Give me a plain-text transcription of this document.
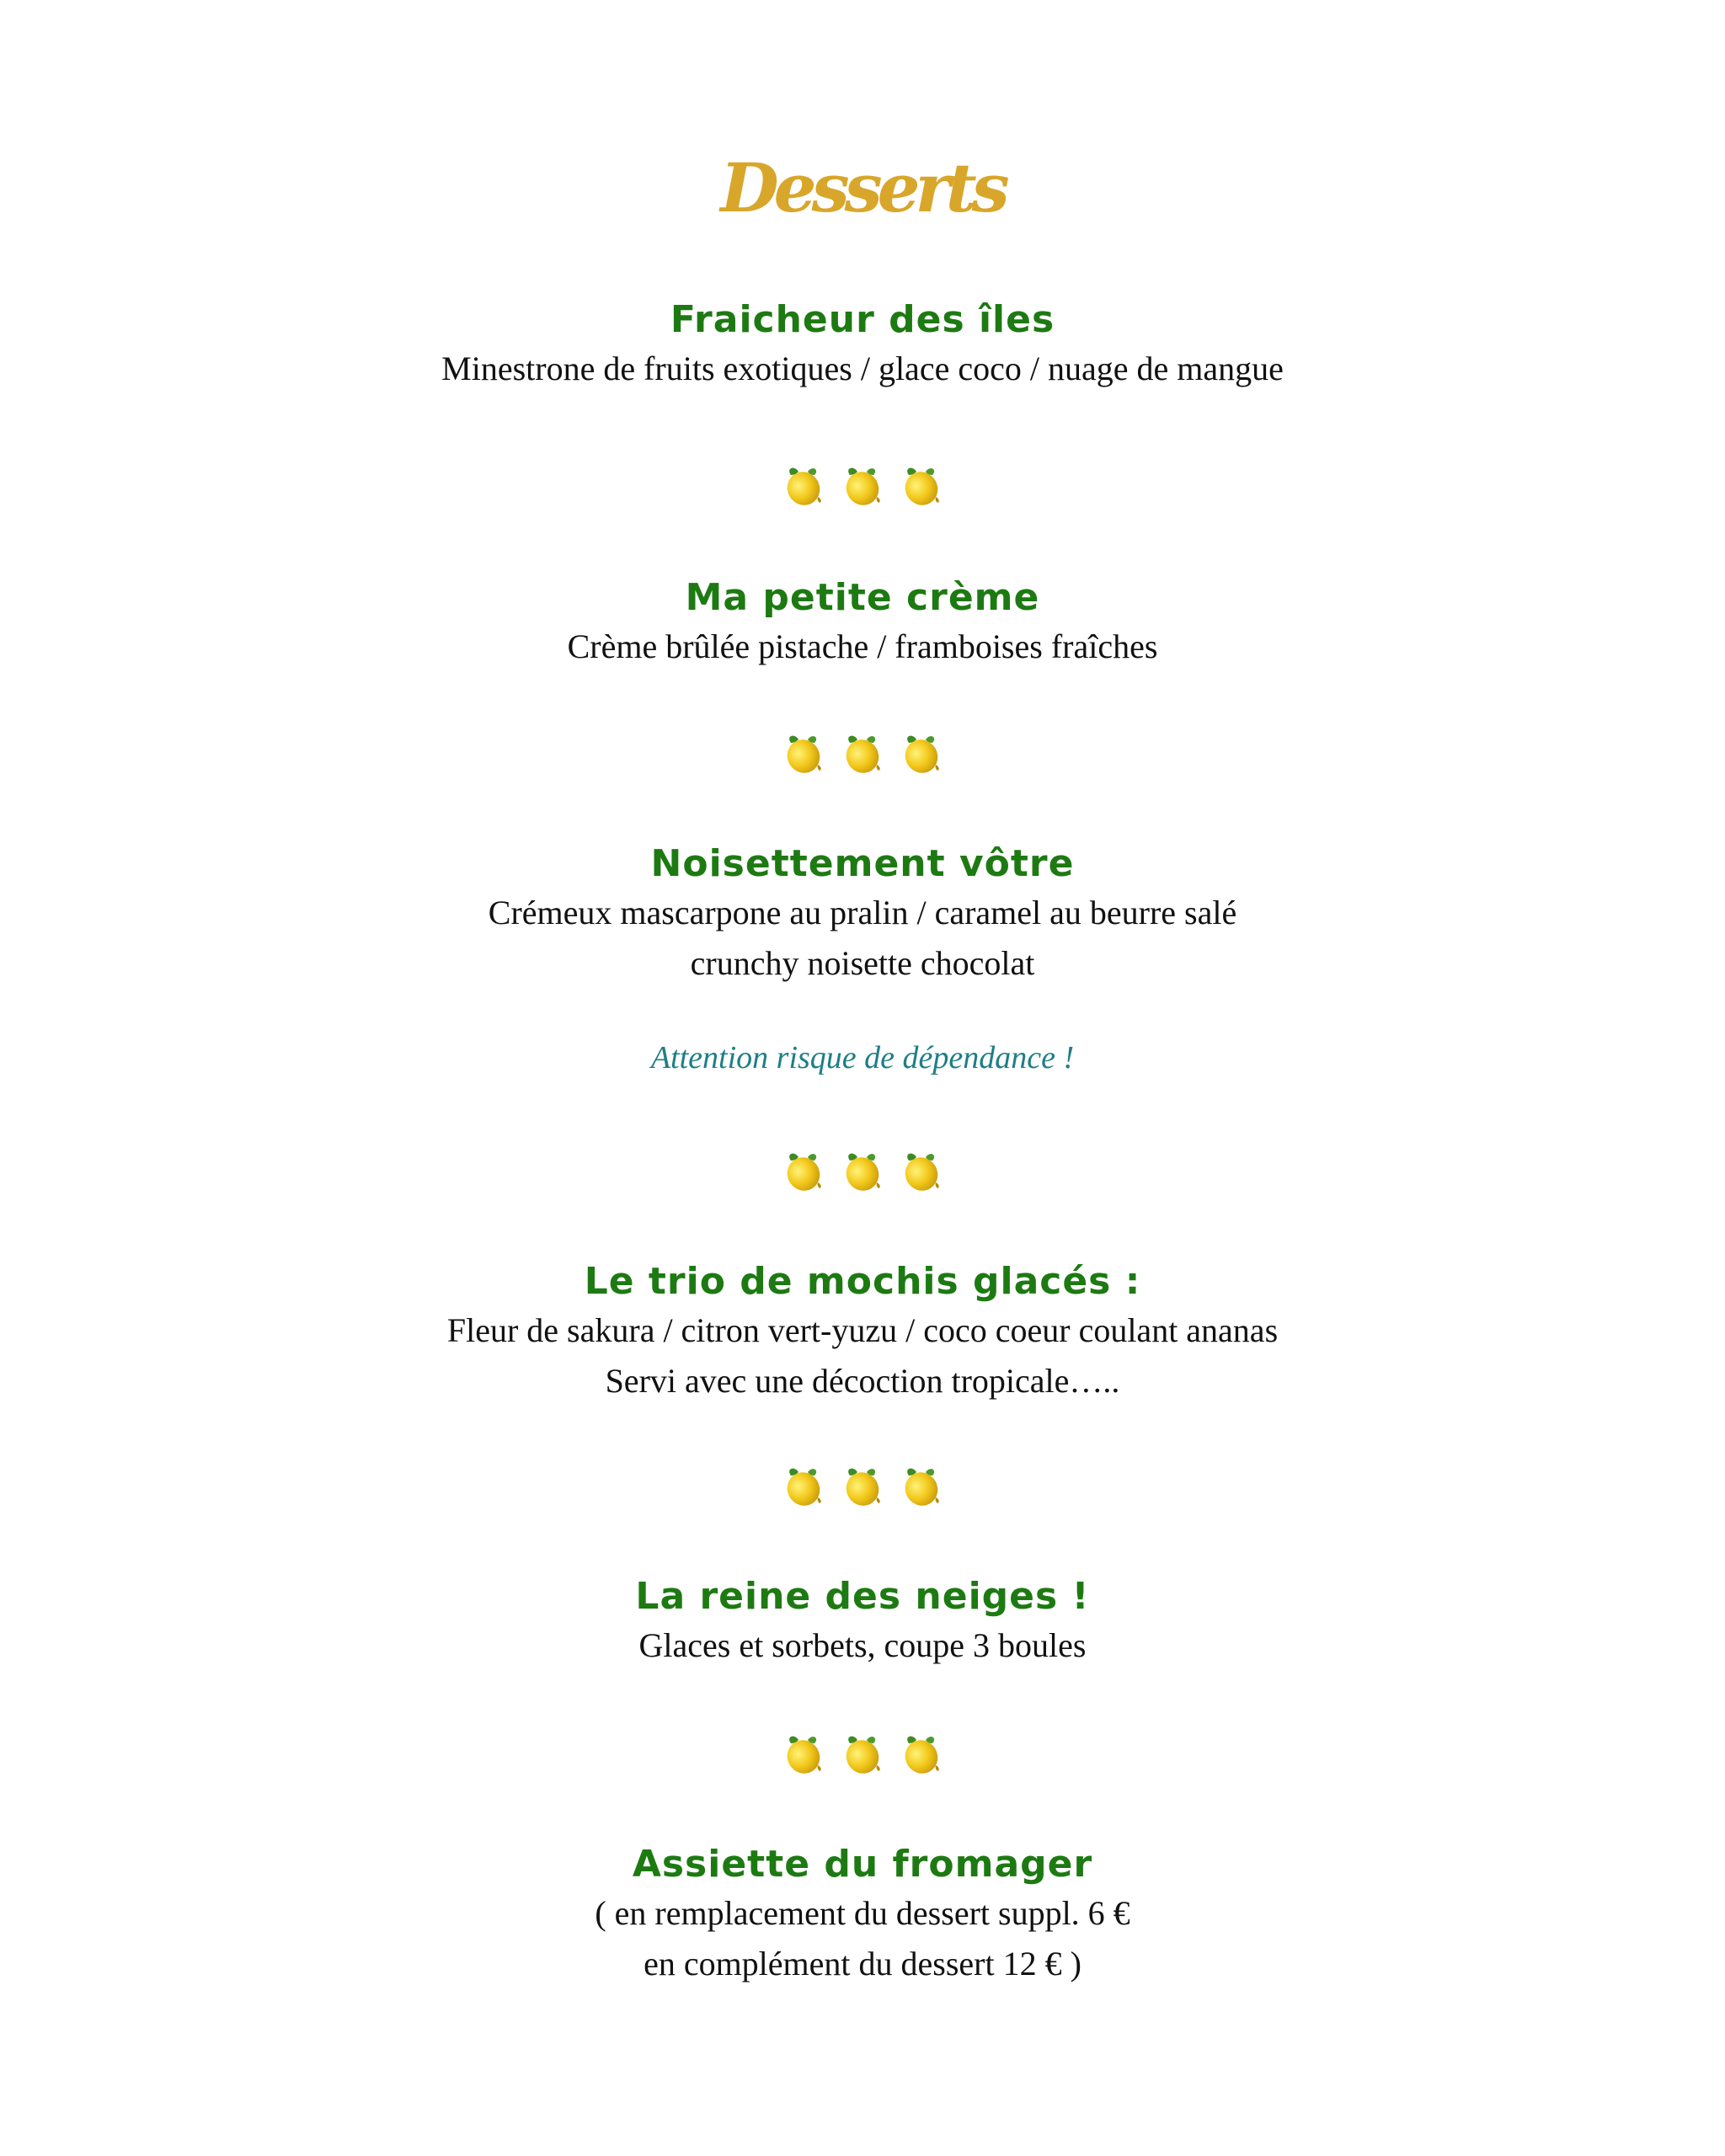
Desserts
Fraicheur des îles
Minestrone de fruits exotiques / glace coco / nuage de mangue
Ma petite crème
Crème brûlée pistache / framboises fraîches
Noisettement vôtre
Crémeux mascarpone au pralin / caramel au beurre salé
crunchy noisette chocolat
Attention risque de dépendance !
Le trio de mochis glacés :
Fleur de sakura / citron vert-yuzu / coco coeur coulant ananas
Servi avec une décoction tropicale…..
La reine des neiges !
Glaces et sorbets, coupe 3 boules
Assiette du fromager
( en remplacement du dessert suppl. 6 €
en complément du dessert 12 € )
